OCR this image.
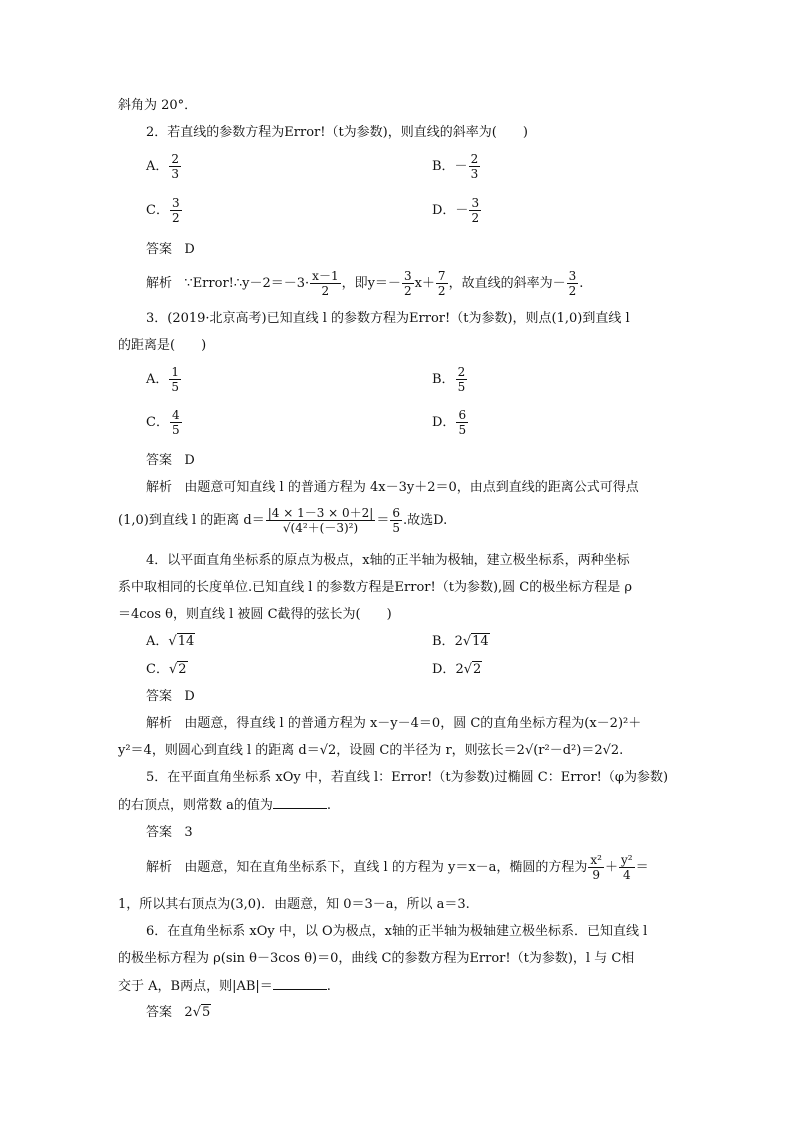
斜角为 20°．
2．若直线的参数方程为Error!（t为参数)，则直线的斜率为(　　)
A． $\frac{2}{3}$	B．－ $\frac{2}{3}$
C． $\frac{3}{2}$	D．－ $\frac{3}{2}$
答案 D
解析 ∵Error!∴y－2＝－3· $\frac{x-1}{2}$ ，即$y=- \frac{3}{2} x+ \frac{7}{2}$ ，故直线的斜率为－ $\frac{3}{2}$ .
3．(2019·北京高考)已知直线 l 的参数方程为Error!（t为参数)，则点(1,0)到直线 l
的距离是(　　)
A． $\frac{1}{5}$	B． $\frac{2}{5}$
C． $\frac{4}{5}$	D． $\frac{6}{5}$
答案 D
解析 由题意可知直线 l 的普通方程为 4x－3y＋2＝0，由点到直线的距离公式可得点
(1,0)到直线 l 的距离 $d= \frac{|4 \times 1-3 \times 0+2|}{\text{√(4²＋(－3)²)}} = \frac{6}{5}$ .故选D.
4．以平面直角坐标系的原点为极点，x轴的正半轴为极轴，建立极坐标系，两种坐标
系中取相同的长度单位.已知直线 l 的参数方程是Error!（t为参数),圆 C的极坐标方程是 ρ
＝4cos θ，则直线 l 被圆 C截得的弦长为(　　)
A．√14	B．2√14
C．√2	D．2√2
答案 D
解析 由题意，得直线 l 的普通方程为 x－y－4＝0，圆 C的直角坐标方程为(x－2)²＋
y²＝4，则圆心到直线 l 的距离 d＝√2，设圆 C的半径为 r，则弦长＝2√(r²－d²)＝2√2.
5．在平面直角坐标系 xOy 中，若直线 l：Error!（t为参数)过椭圆 C：Error!（φ为参数)
的右顶点，则常数 a的值为	.
答案 3
解析 由题意，知在直角坐标系下，直线 l 的方程为 y＝x－a，椭圆的方程为 $\frac{\text{x²}}{9} + \frac{\text{y²}}{4}$ ＝
1，所以其右顶点为(3,0)．由题意，知 0＝3－a，所以 a＝3.
6．在直角坐标系 xOy 中，以 O为极点，x轴的正半轴为极轴建立极坐标系．已知直线 l
的极坐标方程为 ρ(sin θ－3cos θ)＝0，曲线 C的参数方程为Error!（t为参数)，l 与 C相
交于 A，B两点，则|AB|＝	.
答案 2√5
